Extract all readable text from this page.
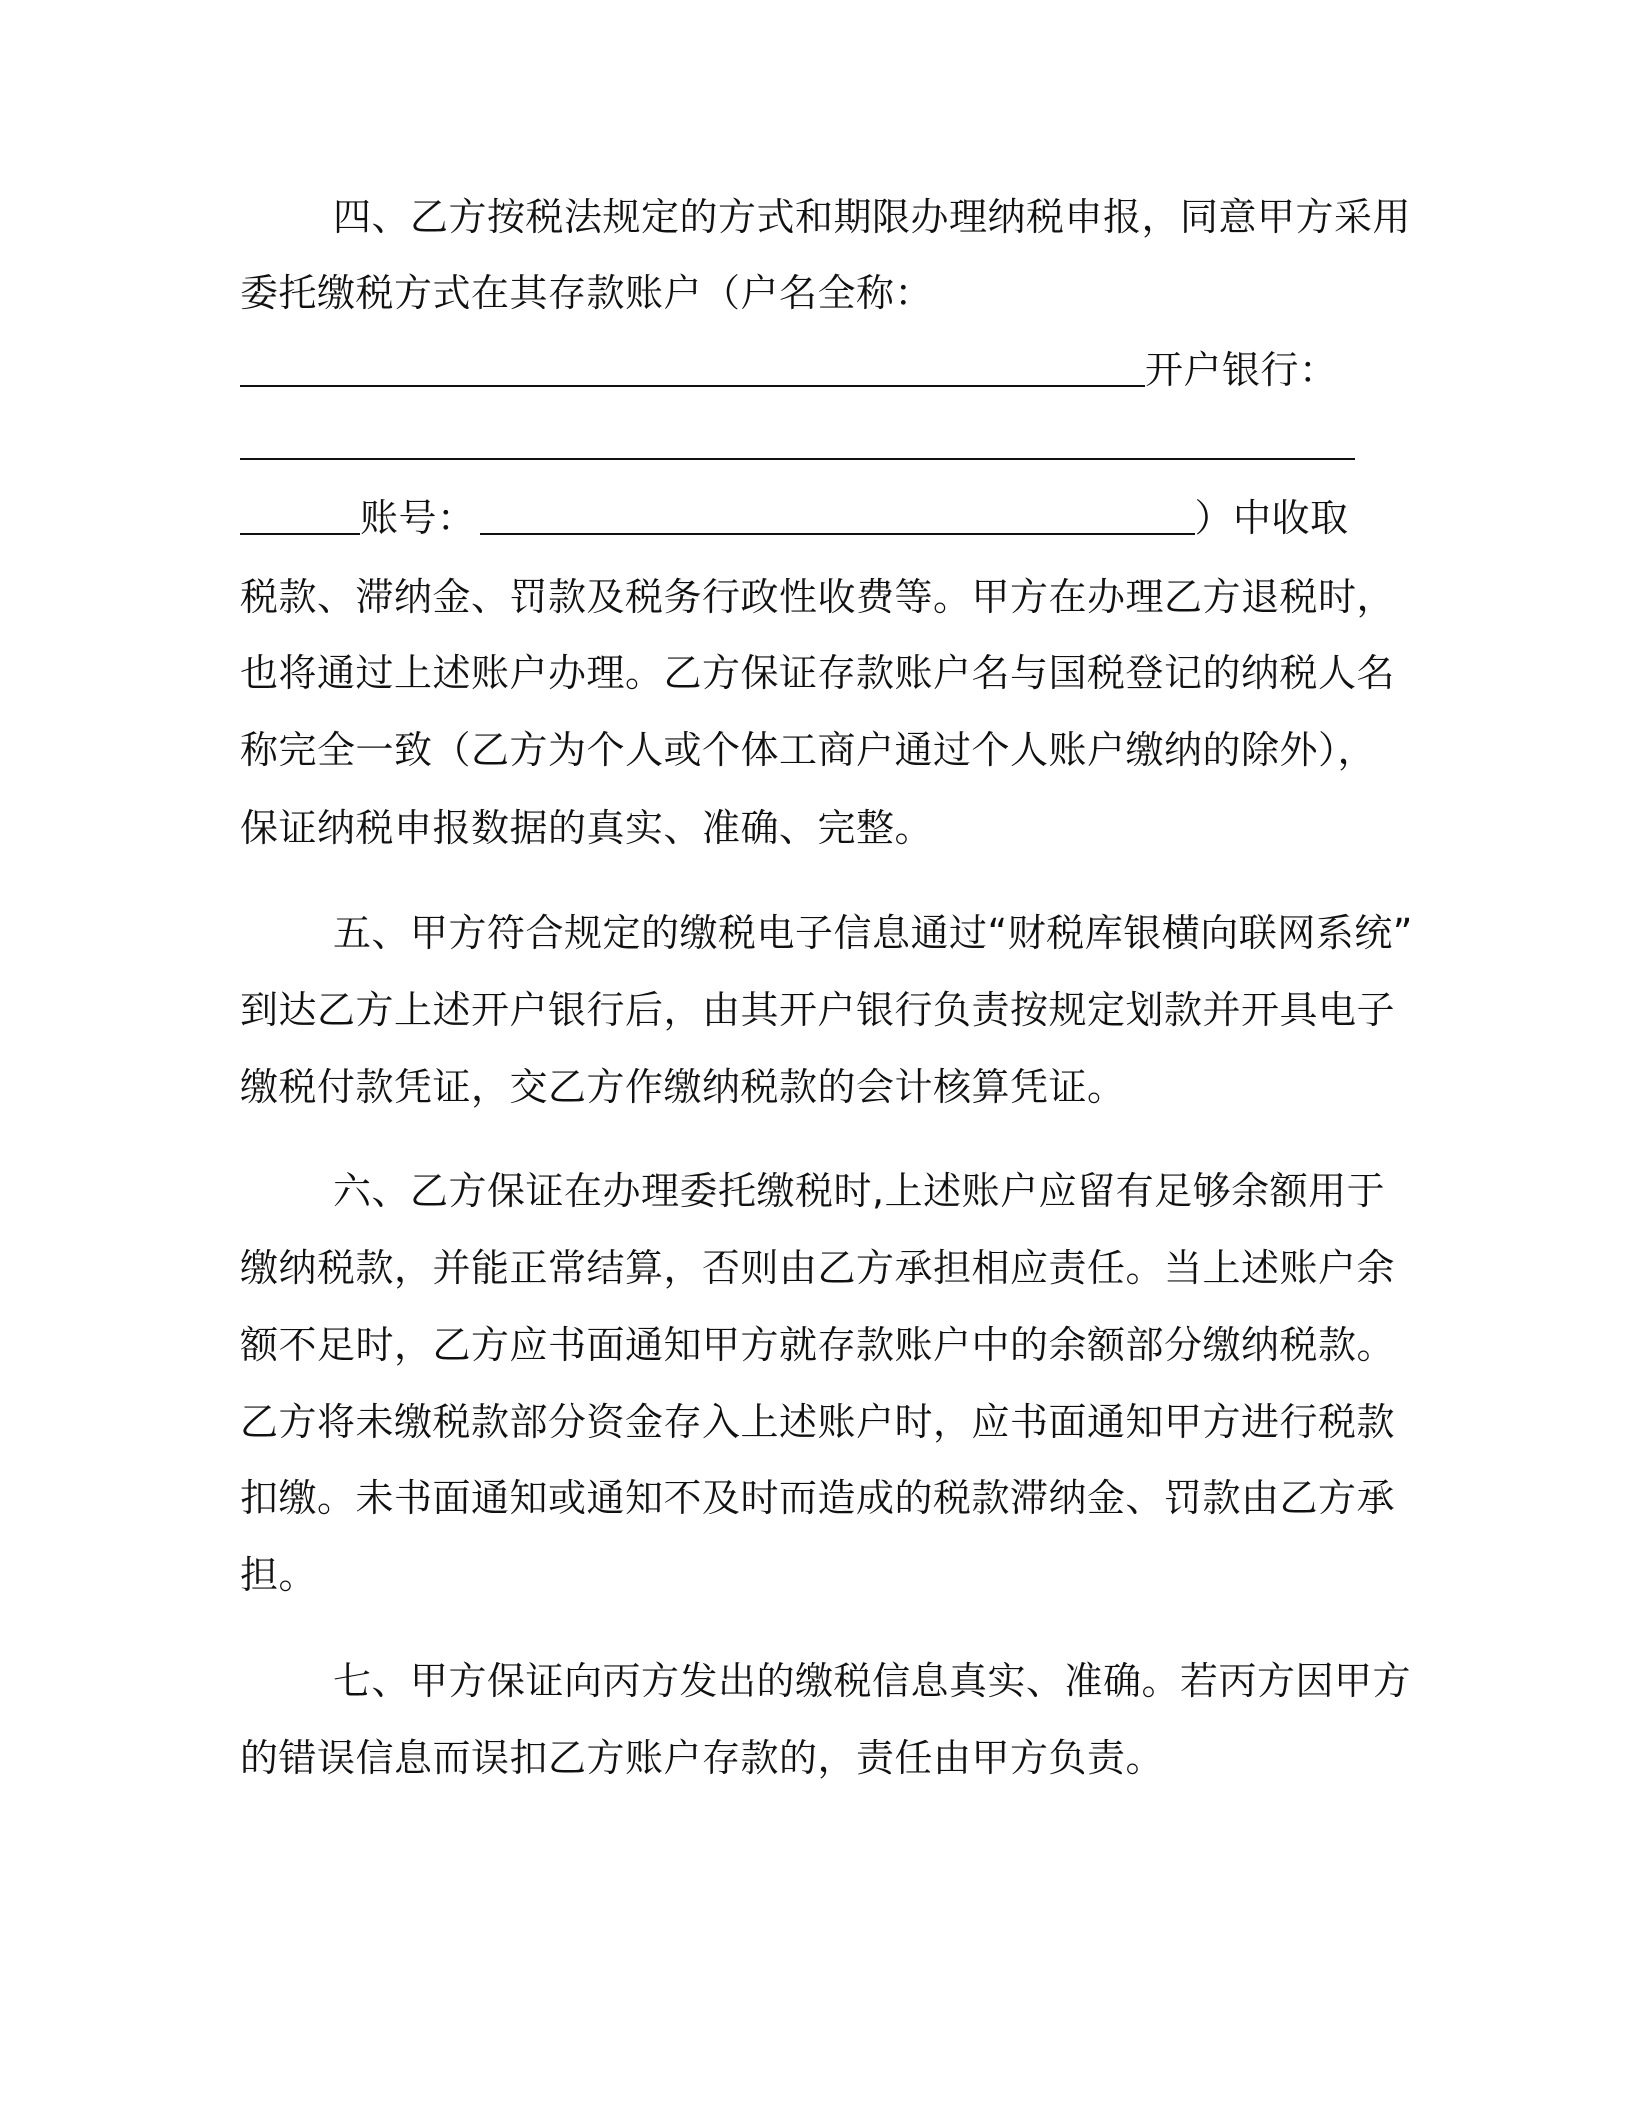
四、乙方按税法规定的方式和期限办理纳税申报，同意甲方采用
委托缴税方式在其存款账户（户名全称：
开户银行：
账号：	）中收取
税款、滞纳金、罚款及税务行政性收费等。甲方在办理乙方退税时，
也将通过上述账户办理。乙方保证存款账户名与国税登记的纳税人名
称完全一致（乙方为个人或个体工商户通过个人账户缴纳的除外），
保证纳税申报数据的真实、准确、完整。
五、甲方符合规定的缴税电子信息通过“财税库银横向联网系统”
到达乙方上述开户银行后，由其开户银行负责按规定划款并开具电子
缴税付款凭证，交乙方作缴纳税款的会计核算凭证。
六、乙方保证在办理委托缴税时,上述账户应留有足够余额用于
缴纳税款，并能正常结算，否则由乙方承担相应责任。当上述账户余
额不足时，乙方应书面通知甲方就存款账户中的余额部分缴纳税款。
乙方将未缴税款部分资金存入上述账户时，应书面通知甲方进行税款
扣缴。未书面通知或通知不及时而造成的税款滞纳金、罚款由乙方承
担。
七、甲方保证向丙方发出的缴税信息真实、准确。若丙方因甲方
的错误信息而误扣乙方账户存款的，责任由甲方负责。
